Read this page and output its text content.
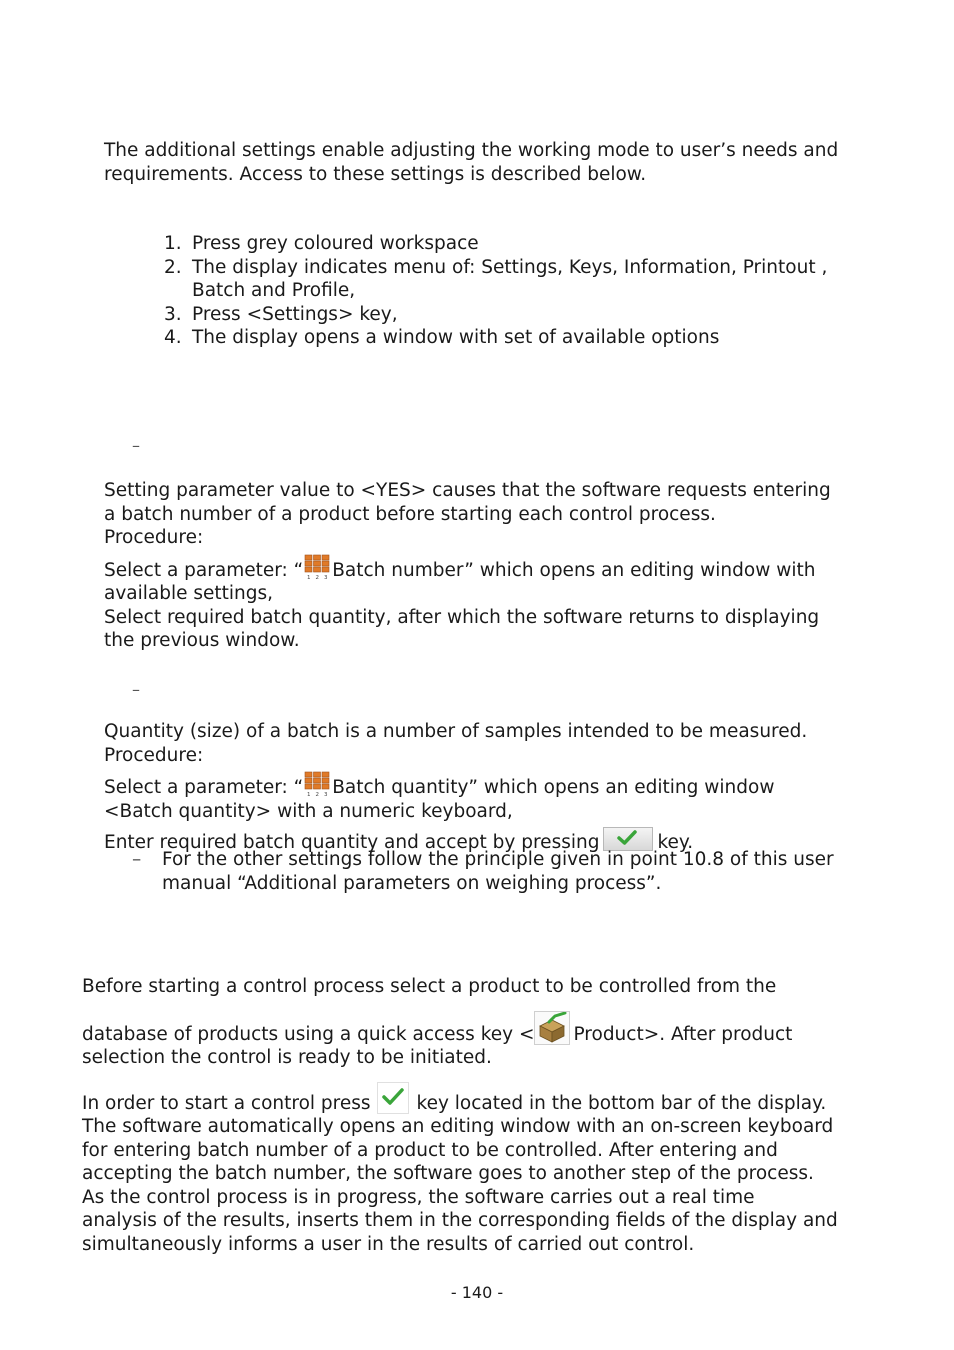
The additional settings enable adjusting the working mode to user’s needs and

requirements. Access to these settings is described below.

1. Press grey coloured workspace
2. The display indicates menu of: Settings, Keys, Information, Printout ,
Batch and Profile,
3. Press <Settings> key,
4. The display opens a window with set of available options
–

Setting parameter value to <YES> causes that the software requests entering

a batch number of a product before starting each control process.

Procedure:

Select a parameter: “ 1 2 3 Batch number” which opens an editing window with

available settings,

Select required batch quantity, after which the software returns to displaying

the previous window.

–

Quantity (size) of a batch is a number of samples intended to be measured.

Procedure:

Select a parameter: “ 1 2 3 Batch quantity” which opens an editing window

<Batch quantity> with a numeric keyboard,

Enter required batch quantity and accept by pressing	key.

–	For the other settings follow the principle given in point 10.8 of this user
manual “Additional parameters on weighing process”.

Before starting a control process select a product to be controlled from the

database of products using a quick access key < Product>. After product

selection the control is ready to be initiated.

In order to start a control press key located in the bottom bar of the display.

The software automatically opens an editing window with an on-screen keyboard

for entering batch number of a product to be controlled. After entering and

accepting the batch number, the software goes to another step of the process.

As the control process is in progress, the software carries out a real time

analysis of the results, inserts them in the corresponding fields of the display and

simultaneously informs a user in the results of carried out control.

- 140 -
